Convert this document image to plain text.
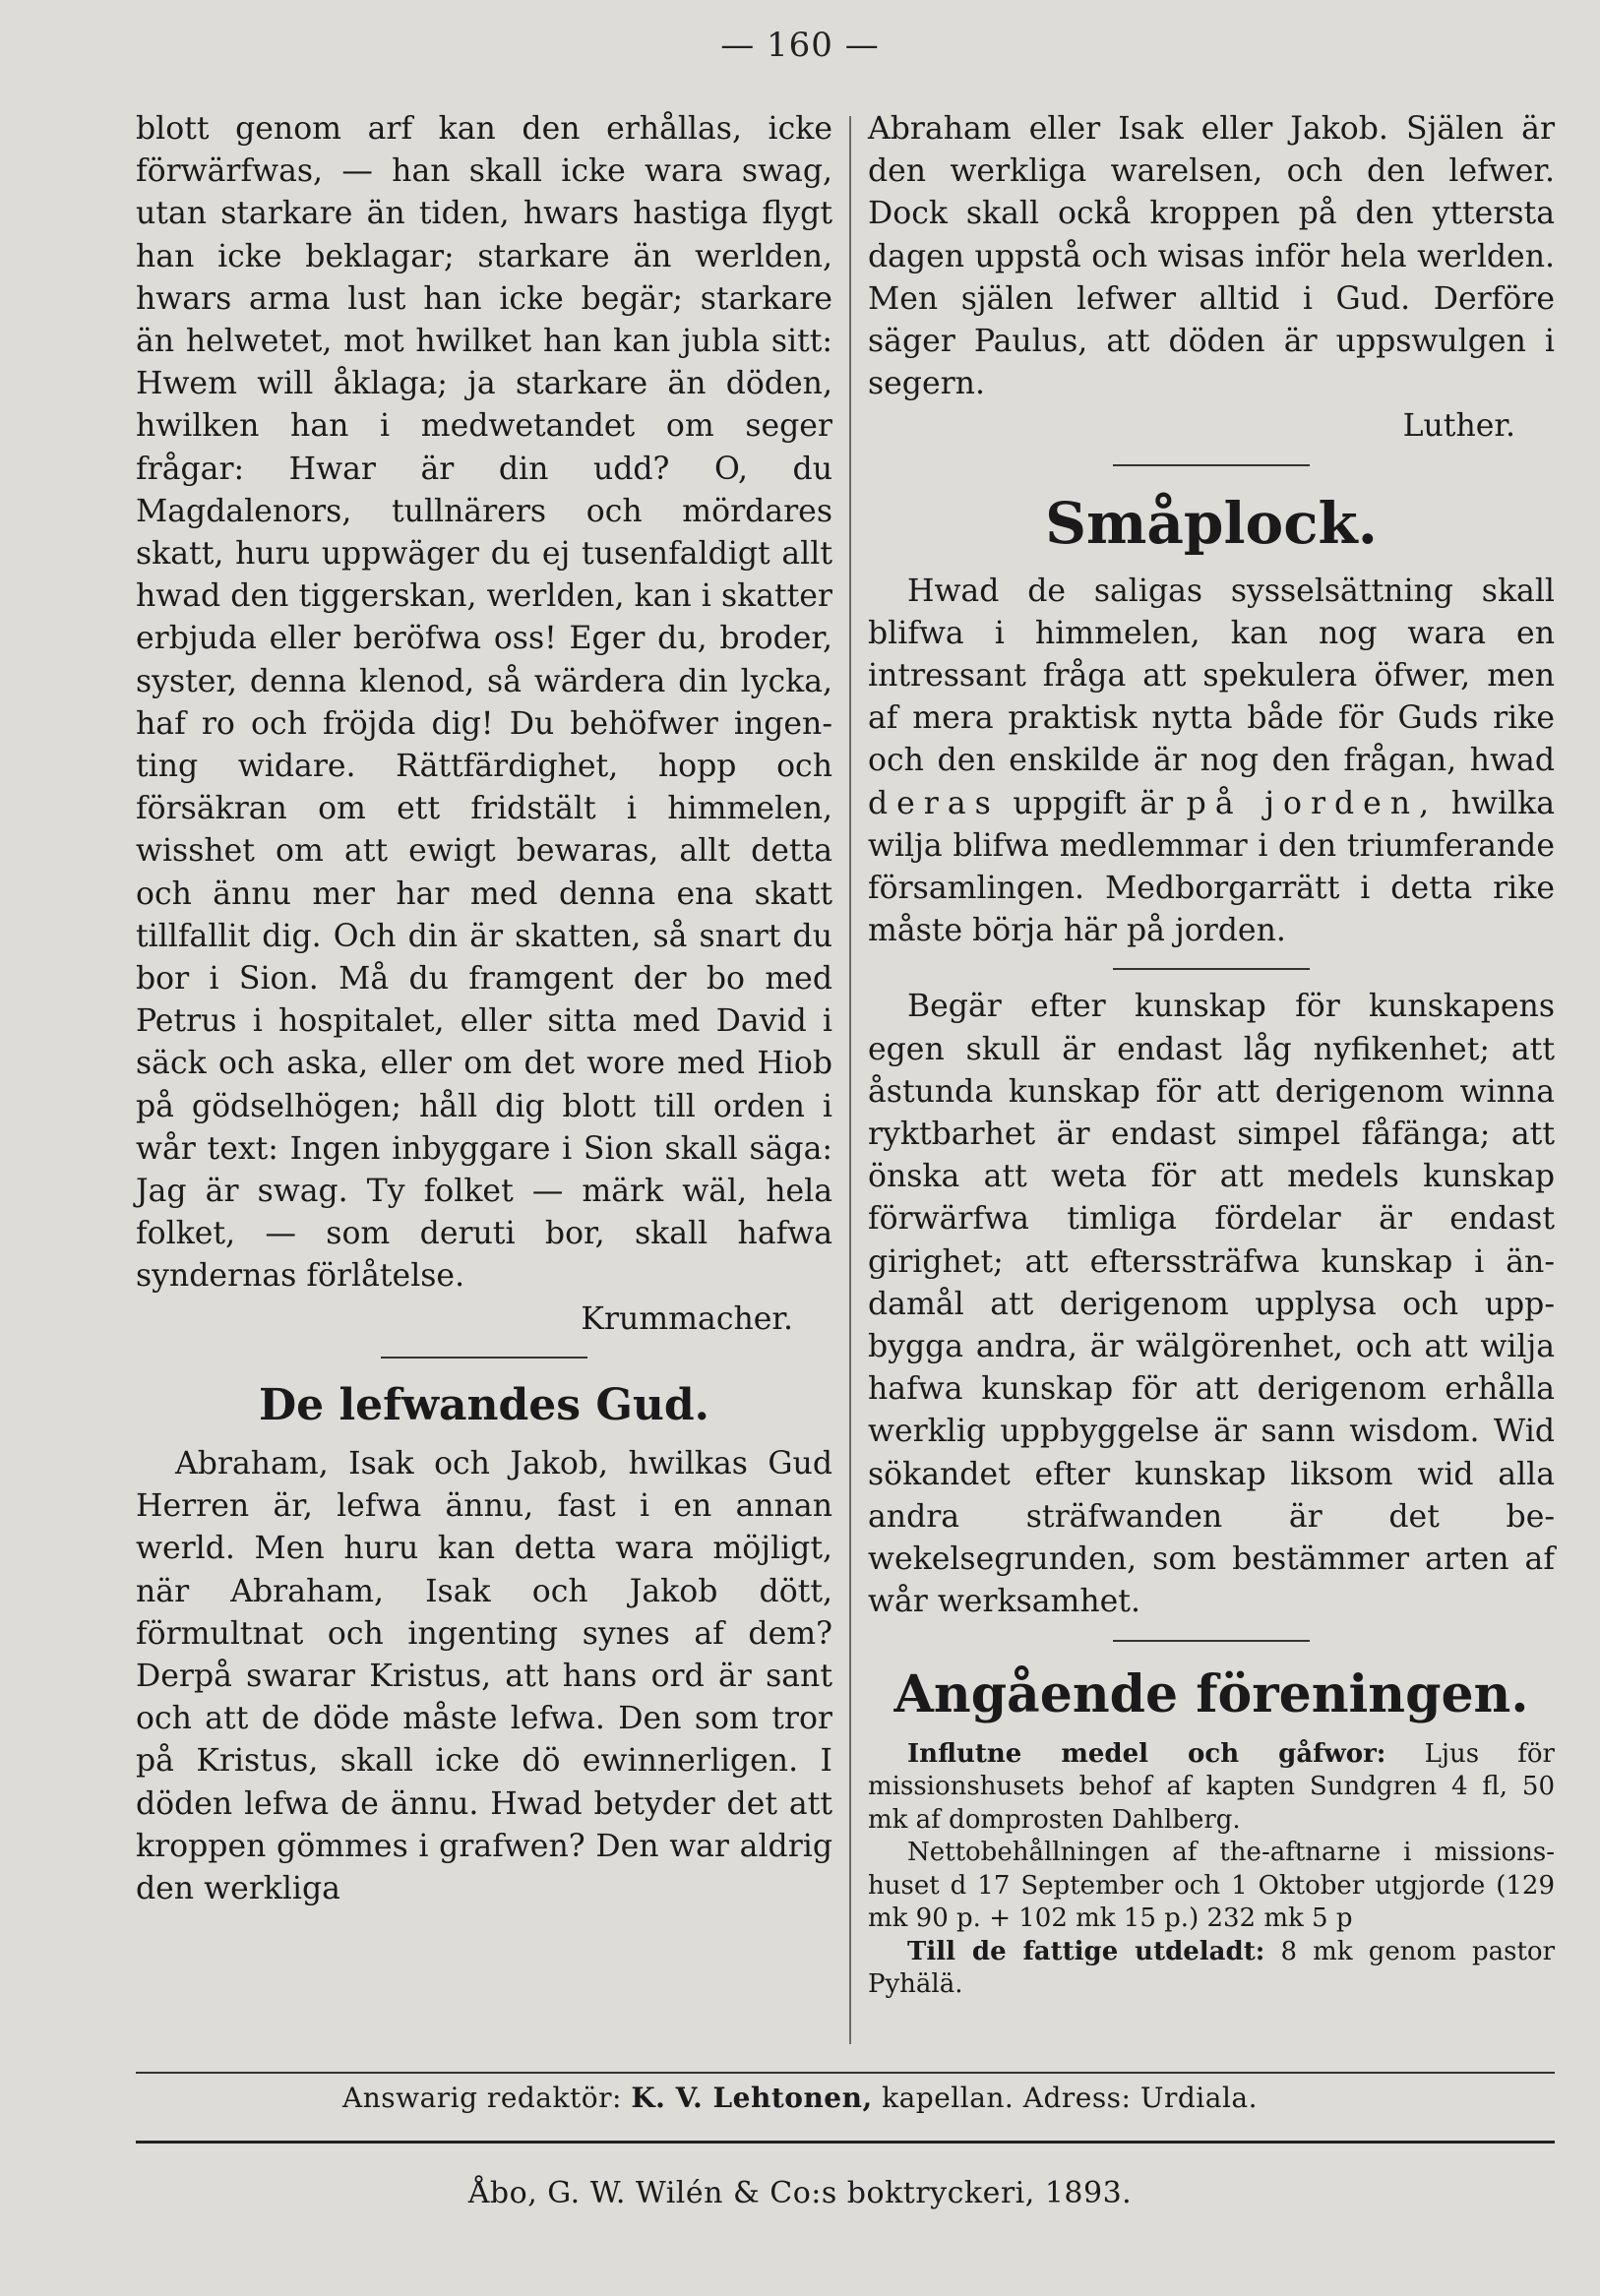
— 160 —

blott genom arf kan den erhållas, icke förwärfwas, — han skall icke wara swag, utan starkare än tiden, hwars hastiga flygt han icke beklagar; starkare än werlden, hwars arma lust han icke begär; starkare än helwetet, mot hwilket han kan jubla sitt: Hwem will åklaga; ja starkare än döden, hwilken han i medwetandet om seger frågar: Hwar är din udd? O, du Magdalenors, tullnärers och mördares skatt, huru uppwäger du ej tusenfaldigt allt hwad den tiggerskan, werlden, kan i skatter erbjuda eller beröfwa oss! Eger du, broder, syster, denna klenod, så wärdera din lycka, haf ro och fröjda dig! Du behöfwer ingenting widare. Rättfärdighet, hopp och försäkran om ett fridstält i himmelen, wisshet om att ewigt bewaras, allt detta och ännu mer har med denna ena skatt tillfallit dig. Och din är skatten, så snart du bor i Sion. Må du framgent der bo med Petrus i hospitalet, eller sitta med David i säck och aska, eller om det wore med Hiob på gödselhögen; håll dig blott till orden i wår text: Ingen inbyggare i Sion skall säga: Jag är swag. Ty folket — märk wäl, hela folket, — som deruti bor, skall hafwa syndernas förlåtelse.

Krummacher.
De lefwandes Gud.

Abraham, Isak och Jakob, hwilkas Gud Herren är, lefwa ännu, fast i en annan werld. Men huru kan detta wara möjligt, när Abraham, Isak och Jakob dött, förmultnat och ingenting synes af dem? Derpå swarar Kristus, att hans ord är sant och att de döde måste lefwa. Den som tror på Kristus, skall icke dö ewinnerligen. I döden lefwa de ännu. Hwad betyder det att kroppen gömmes i grafwen? Den war aldrig den werkliga

Abraham eller Isak eller Jakob. Själen är den werkliga warelsen, och den lefwer. Dock skall ockå kroppen på den yttersta dagen uppstå och wisas inför hela werlden. Men själen lefwer alltid i Gud. Derföre säger Paulus, att döden är uppswulgen i segern.

Luther.
Småplock.

Hwad de saligas sysselsättning skall blifwa i himmelen, kan nog wara en intressant fråga att spekulera öfwer, men af mera praktisk nytta både för Guds rike och den enskilde är nog den frågan, hwad deras uppgift är på jorden, hwilka wilja blifwa medlemmar i den triumferande församlingen. Medborgarrätt i detta rike måste börja här på jorden.

Begär efter kunskap för kunskapens egen skull är endast låg nyfikenhet; att åstunda kunskap för att derigenom winna ryktbarhet är endast simpel fåfänga; att önska att weta för att medels kunskap förwärfwa timliga fördelar är endast girighet; att efterssträfwa kunskap i ändamål att derigenom upplysa och uppbygga andra, är wälgörenhet, och att wilja hafwa kunskap för att derigenom erhålla werklig uppbyggelse är sann wisdom. Wid sökandet efter kunskap liksom wid alla andra sträfwanden är det bewekelsegrunden, som bestämmer arten af wår werksamhet.

Angående föreningen.

Influtne medel och gåfwor: Ljus för missionshusets behof af kapten Sundgren 4 fl, 50 mk af domprosten Dahlberg.

Nettobehållningen af the-aftnarne i missionshuset d 17 September och 1 Oktober utgjorde (129 mk 90 p. + 102 mk 15 p.) 232 mk 5 p

Till de fattige utdeladt: 8 mk genom pastor Pyhälä.

Answarig redaktör: K. V. Lehtonen, kapellan. Adress: Urdiala.
Åbo, G. W. Wilén & Co:s boktryckeri, 1893.
